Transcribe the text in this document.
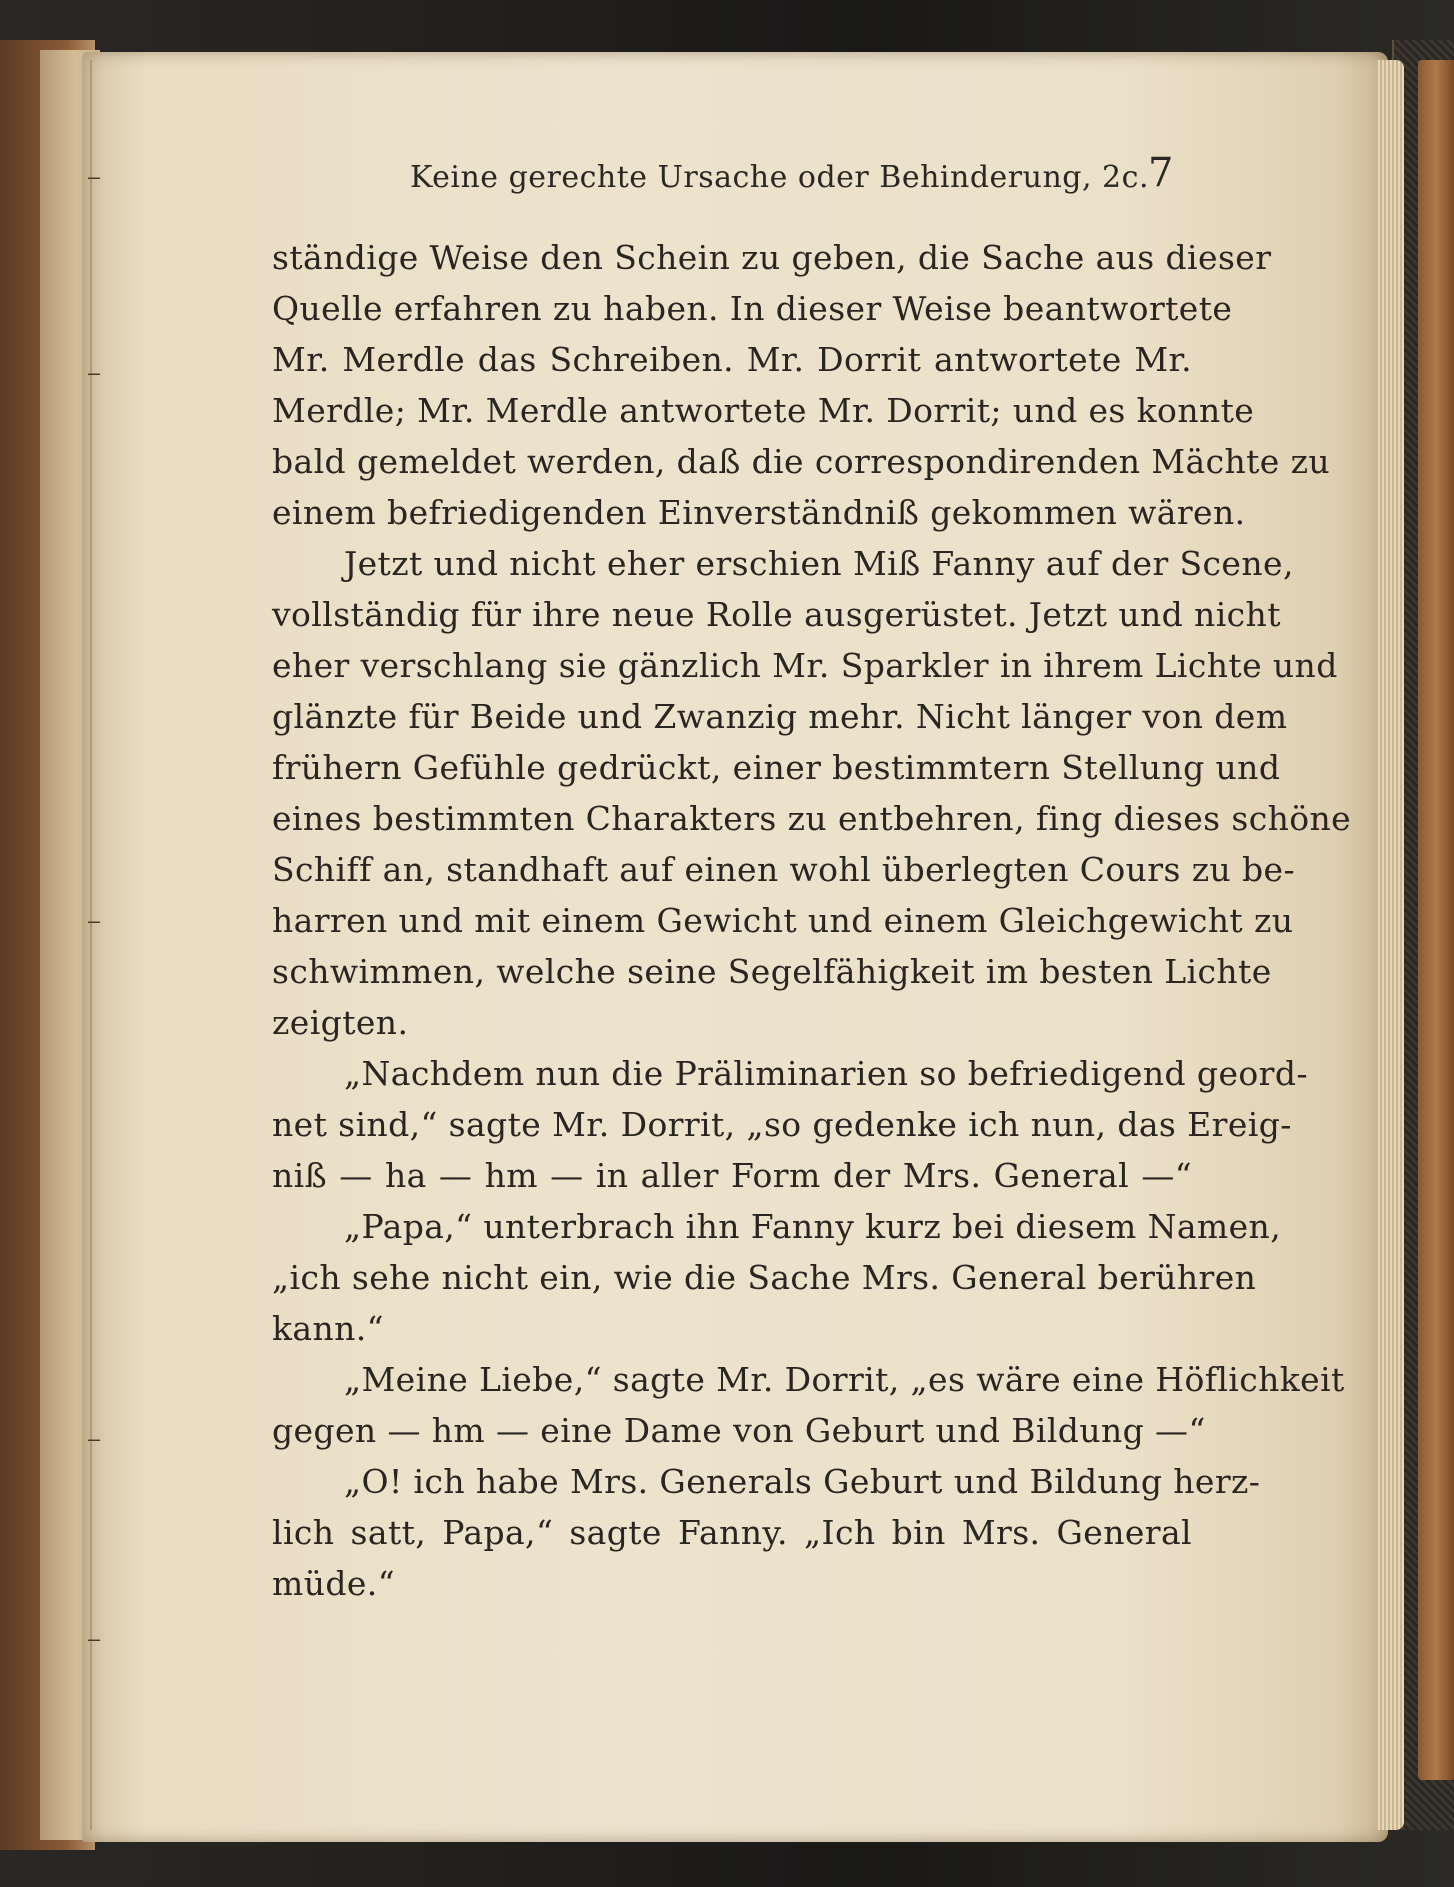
‒
‒
‒
‒
‒
Keine gerechte Ursache oder Behinderung, 2c. 7
ständige Weise den Schein zu geben, die Sache aus dieser
Quelle erfahren zu haben. In dieser Weise beantwortete
Mr. Merdle das Schreiben. Mr. Dorrit antwortete Mr.
Merdle; Mr. Merdle antwortete Mr. Dorrit; und es konnte
bald gemeldet werden, daß die correspondirenden Mächte zu
einem befriedigenden Einverständniß gekommen wären.
Jetzt und nicht eher erschien Miß Fanny auf der Scene,
vollständig für ihre neue Rolle ausgerüstet. Jetzt und nicht
eher verschlang sie gänzlich Mr. Sparkler in ihrem Lichte und
glänzte für Beide und Zwanzig mehr. Nicht länger von dem
frühern Gefühle gedrückt, einer bestimmtern Stellung und
eines bestimmten Charakters zu entbehren, fing dieses schöne
Schiff an, standhaft auf einen wohl überlegten Cours zu be-
harren und mit einem Gewicht und einem Gleichgewicht zu
schwimmen, welche seine Segelfähigkeit im besten Lichte
zeigten.
„Nachdem nun die Präliminarien so befriedigend geord-
net sind,“ sagte Mr. Dorrit, „so gedenke ich nun, das Ereig-
niß — ha — hm — in aller Form der Mrs. General —“
„Papa,“ unterbrach ihn Fanny kurz bei diesem Namen,
„ich sehe nicht ein, wie die Sache Mrs. General berühren
kann.“
„Meine Liebe,“ sagte Mr. Dorrit, „es wäre eine Höflichkeit
gegen — hm — eine Dame von Geburt und Bildung —“
„O! ich habe Mrs. Generals Geburt und Bildung herz-
lich satt, Papa,“ sagte Fanny. „Ich bin Mrs. General
müde.“
